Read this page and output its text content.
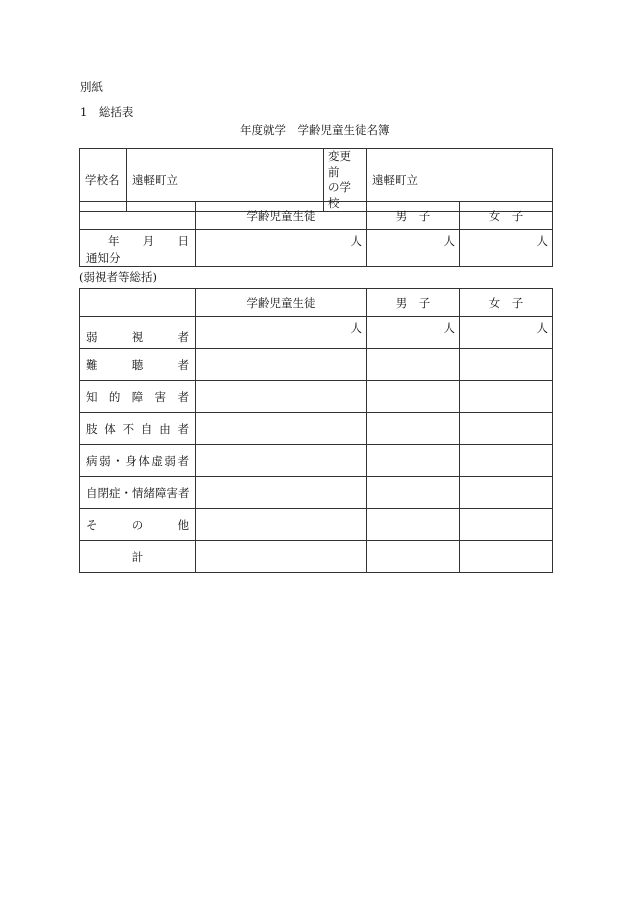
別紙
1　総括表
年度就学　学齢児童生徒名簿
学校名	遠軽町立	変更前
の学校	遠軽町立
	学齢児童生徒	男　子	女　子

年 月 日
通知分	人	人	人
(弱視者等総括)
	学齢児童生徒	男　子	女　子
弱視者	人	人	人
難聴者			
知的障害者			
肢体不自由者			
病弱・身体虚弱者			
自閉症・情緒障害者			
その他			
計			
